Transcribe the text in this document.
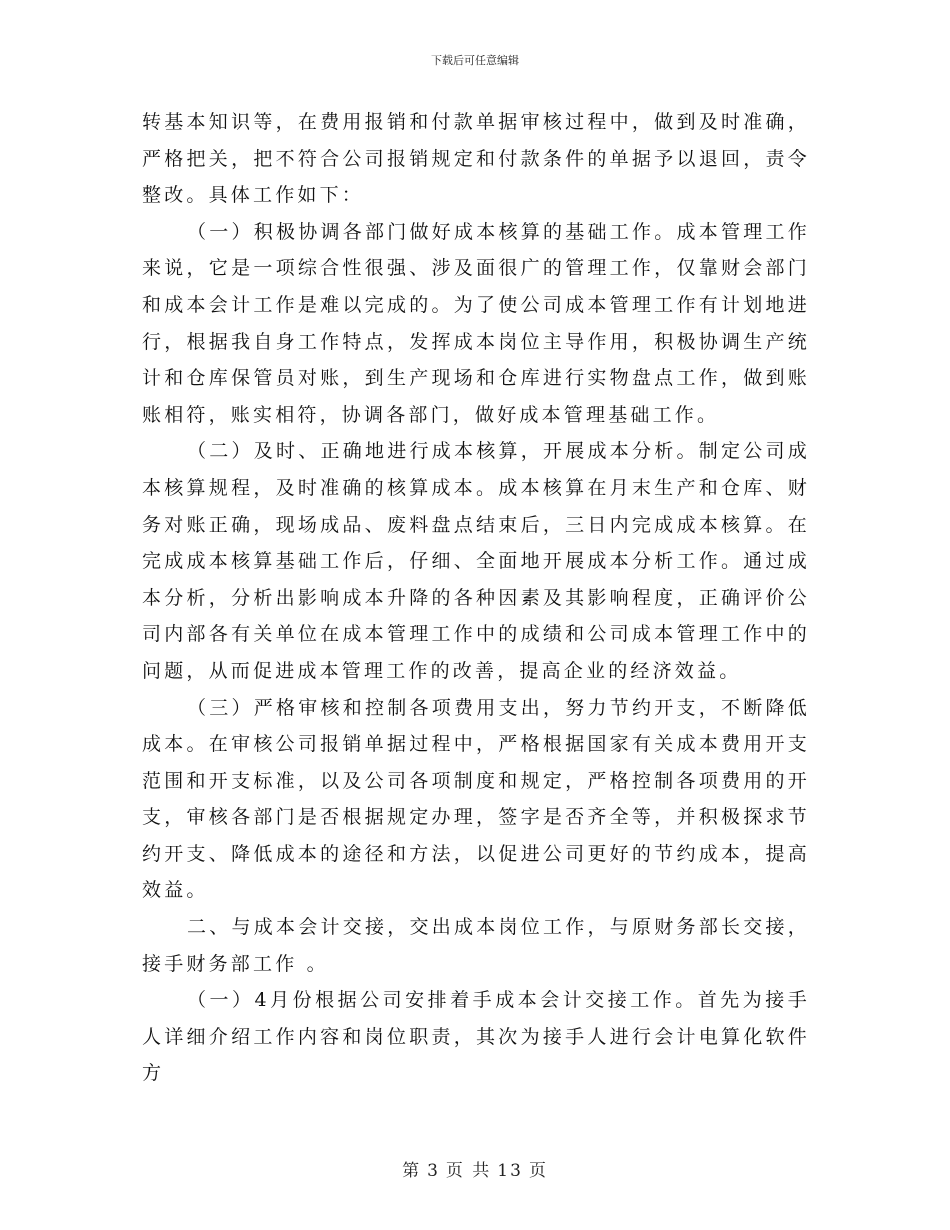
下载后可任意编辑

转基本知识等，在费用报销和付款单据审核过程中，做到及时准确，严格把关，把不符合公司报销规定和付款条件的单据予以退回，责令整改。具体工作如下：

（一）积极协调各部门做好成本核算的基础工作。成本管理工作来说，它是一项综合性很强、涉及面很广的管理工作，仅靠财会部门和成本会计工作是难以完成的。为了使公司成本管理工作有计划地进行，根据我自身工作特点，发挥成本岗位主导作用，积极协调生产统计和仓库保管员对账，到生产现场和仓库进行实物盘点工作，做到账账相符，账实相符，协调各部门，做好成本管理基础工作。

（二）及时、正确地进行成本核算，开展成本分析。制定公司成本核算规程，及时准确的核算成本。成本核算在月末生产和仓库、财务对账正确，现场成品、废料盘点结束后，三日内完成成本核算。在完成成本核算基础工作后，仔细、全面地开展成本分析工作。通过成本分析，分析出影响成本升降的各种因素及其影响程度，正确评价公司内部各有关单位在成本管理工作中的成绩和公司成本管理工作中的问题，从而促进成本管理工作的改善，提高企业的经济效益。

（三）严格审核和控制各项费用支出，努力节约开支，不断降低成本。在审核公司报销单据过程中，严格根据国家有关成本费用开支范围和开支标准，以及公司各项制度和规定，严格控制各项费用的开支，审核各部门是否根据规定办理，签字是否齐全等，并积极探求节约开支、降低成本的途径和方法，以促进公司更好的节约成本，提高效益。

二、与成本会计交接，交出成本岗位工作，与原财务部长交接，接手财务部工作 。

（一）4月份根据公司安排着手成本会计交接工作。首先为接手人详细介绍工作内容和岗位职责，其次为接手人进行会计电算化软件方

第 3 页 共 13 页
